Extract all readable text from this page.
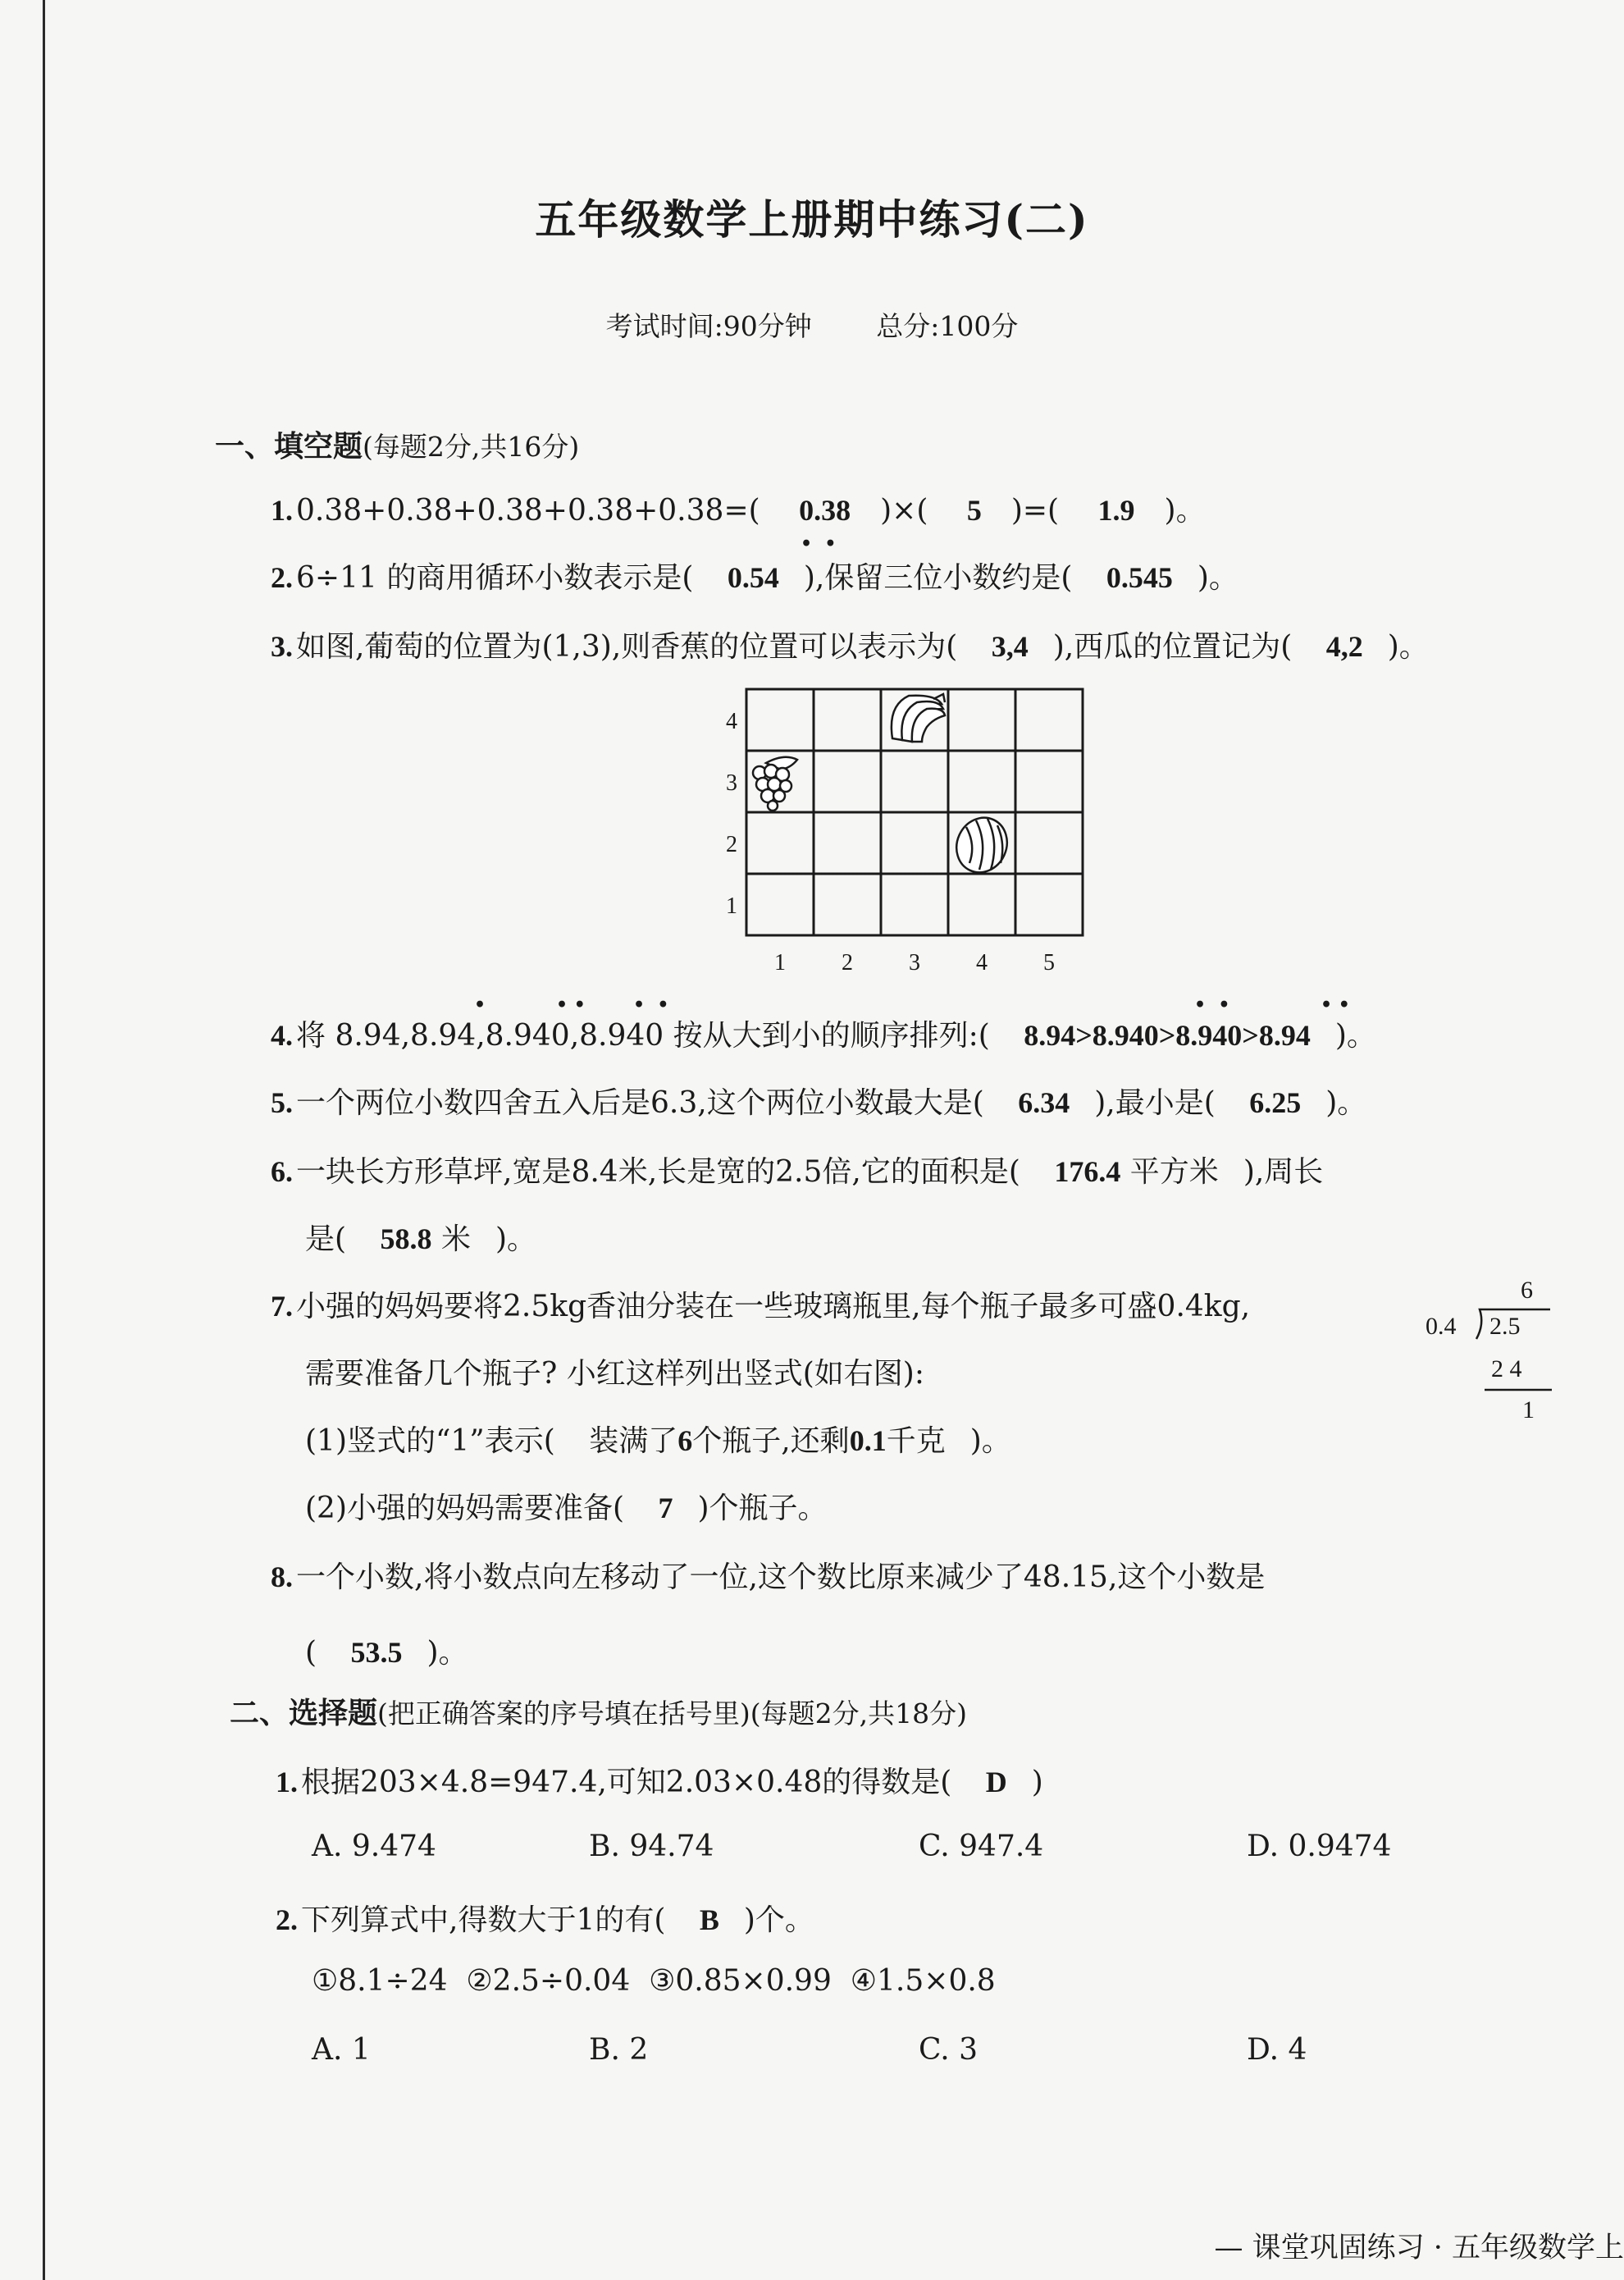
五年级数学上册期中练习(二)
考试时间:90分钟 总分:100分
一、填空题(每题2分,共16分)
1. 0.38+0.38+0.38+0.38+0.38=( 0.38 )×( 5 )=( 1.9 )。
•  •
2. 6÷11 的商用循环小数表示是( 0.54 ),保留三位小数约是( 0.545 )。
3. 如图,葡萄的位置为(1,3),则香蕉的位置可以表示为( 3,4 ),西瓜的位置记为( 4,2 )。
1 2 3 4 5
4
3
2
1
•	• •	•  •	•  •	• •
4. 将 8.94,8.94,8.940,8.940 按从大到小的顺序排列:( 8.94>8.940>8.940>8.94 )。
5. 一个两位小数四舍五入后是6.3,这个两位小数最大是( 6.34 ),最小是( 6.25 )。
6. 一块长方形草坪,宽是8.4米,长是宽的2.5倍,它的面积是( 176.4 平方米 ),周长
是( 58.8 米 )。
7. 小强的妈妈要将2.5kg香油分装在一些玻璃瓶里,每个瓶子最多可盛0.4kg,
需要准备几个瓶子? 小红这样列出竖式(如右图):
(1)竖式的“1”表示( 装满了6个瓶子,还剩0.1千克 )。
(2)小强的妈妈需要准备( 7 )个瓶子。
6
0.4 2.5
2 4
1
8. 一个小数,将小数点向左移动了一位,这个数比原来减少了48.15,这个小数是
( 53.5 )。
二、选择题(把正确答案的序号填在括号里)(每题2分,共18分)
1. 根据203×4.8=947.4,可知2.03×0.48的得数是( D )
A. 9.474	B. 94.74	C. 947.4	D. 0.9474
2. 下列算式中,得数大于1的有( B )个。
①8.1÷24  ②2.5÷0.04  ③0.85×0.99  ④1.5×0.8
A. 1	B. 2	C. 3	D. 4
— 课堂巩固练习 · 五年级数学上
